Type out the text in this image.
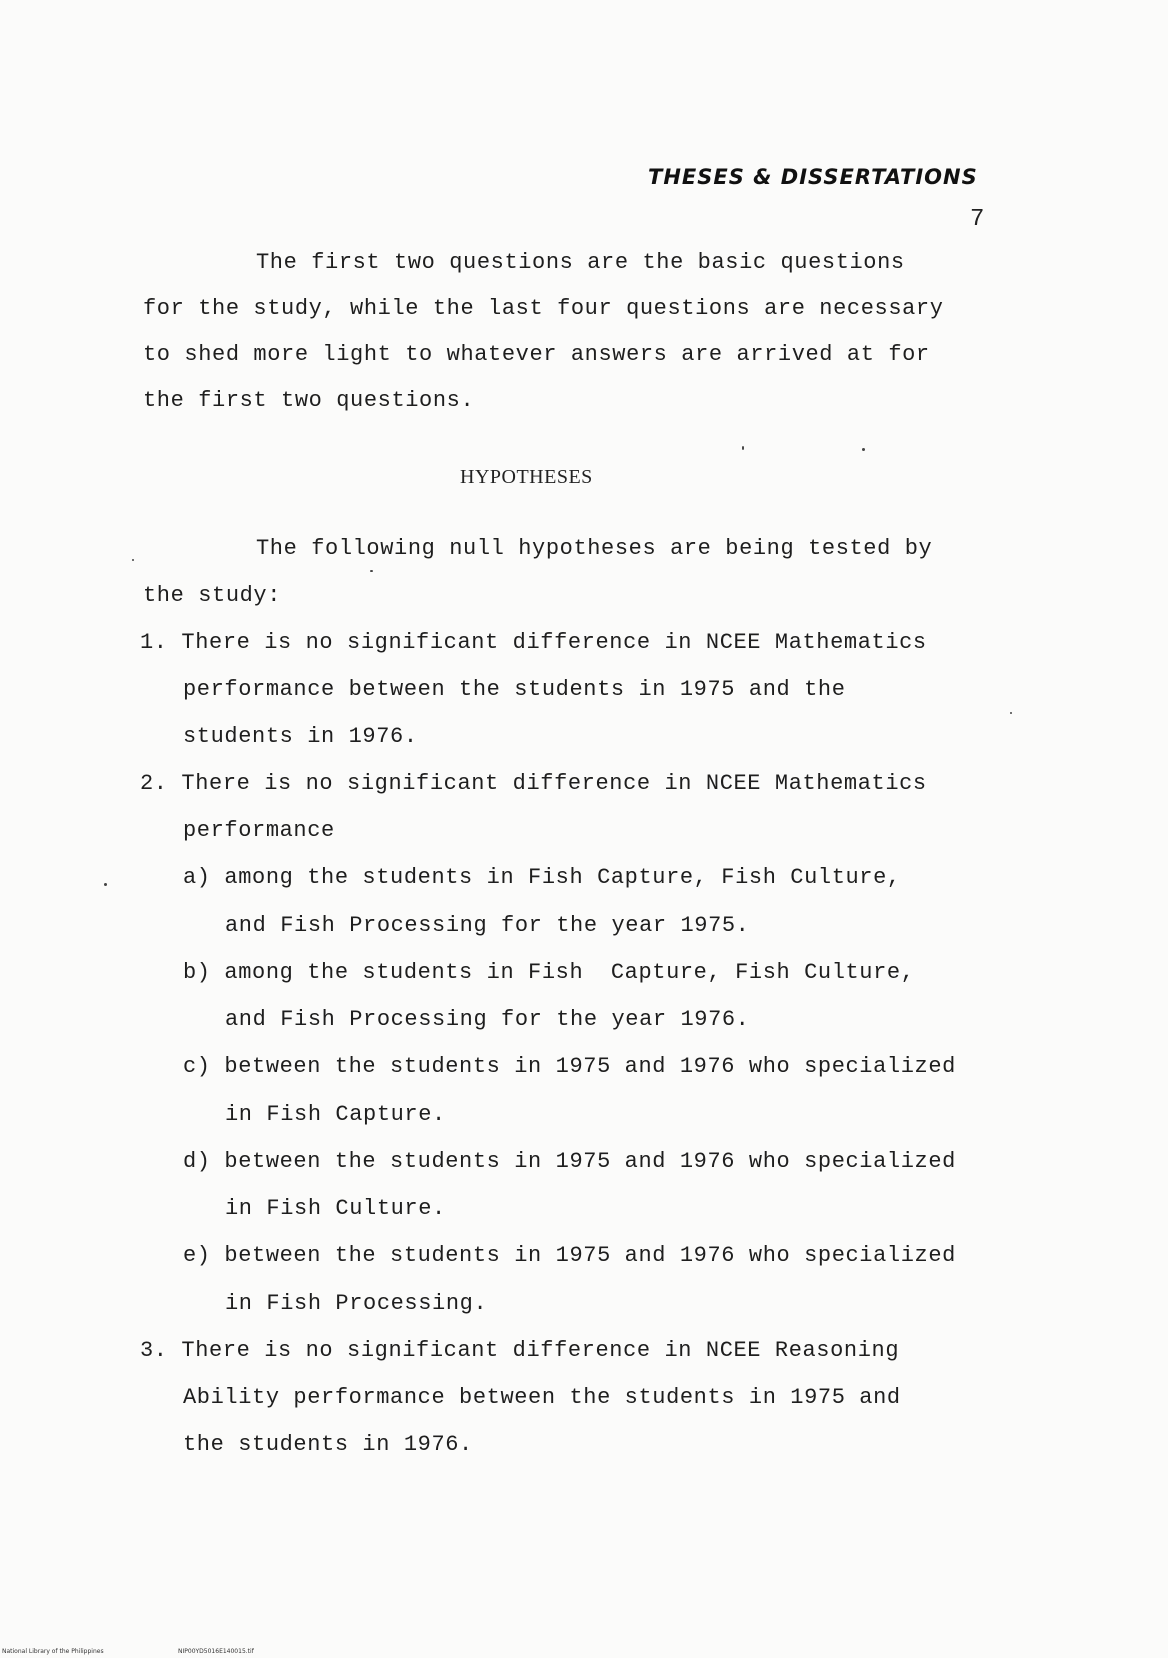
THESES & DISSERTATIONS
7
The first two questions are the basic questions
for the study, while the last four questions are necessary
to shed more light to whatever answers are arrived at for
the first two questions.
HYPOTHESES
The following null hypotheses are being tested by
the study:
1. There is no significant difference in NCEE Mathematics
performance between the students in 1975 and the
students in 1976.
2. There is no significant difference in NCEE Mathematics
performance
a) among the students in Fish Capture, Fish Culture,
and Fish Processing for the year 1975.
b) among the students in Fish  Capture, Fish Culture,
and Fish Processing for the year 1976.
c) between the students in 1975 and 1976 who specialized
in Fish Capture.
d) between the students in 1975 and 1976 who specialized
in Fish Culture.
e) between the students in 1975 and 1976 who specialized
in Fish Processing.
3. There is no significant difference in NCEE Reasoning
Ability performance between the students in 1975 and
the students in 1976.
National Library of the Philippines	NIP00YD5016E140015.tif
